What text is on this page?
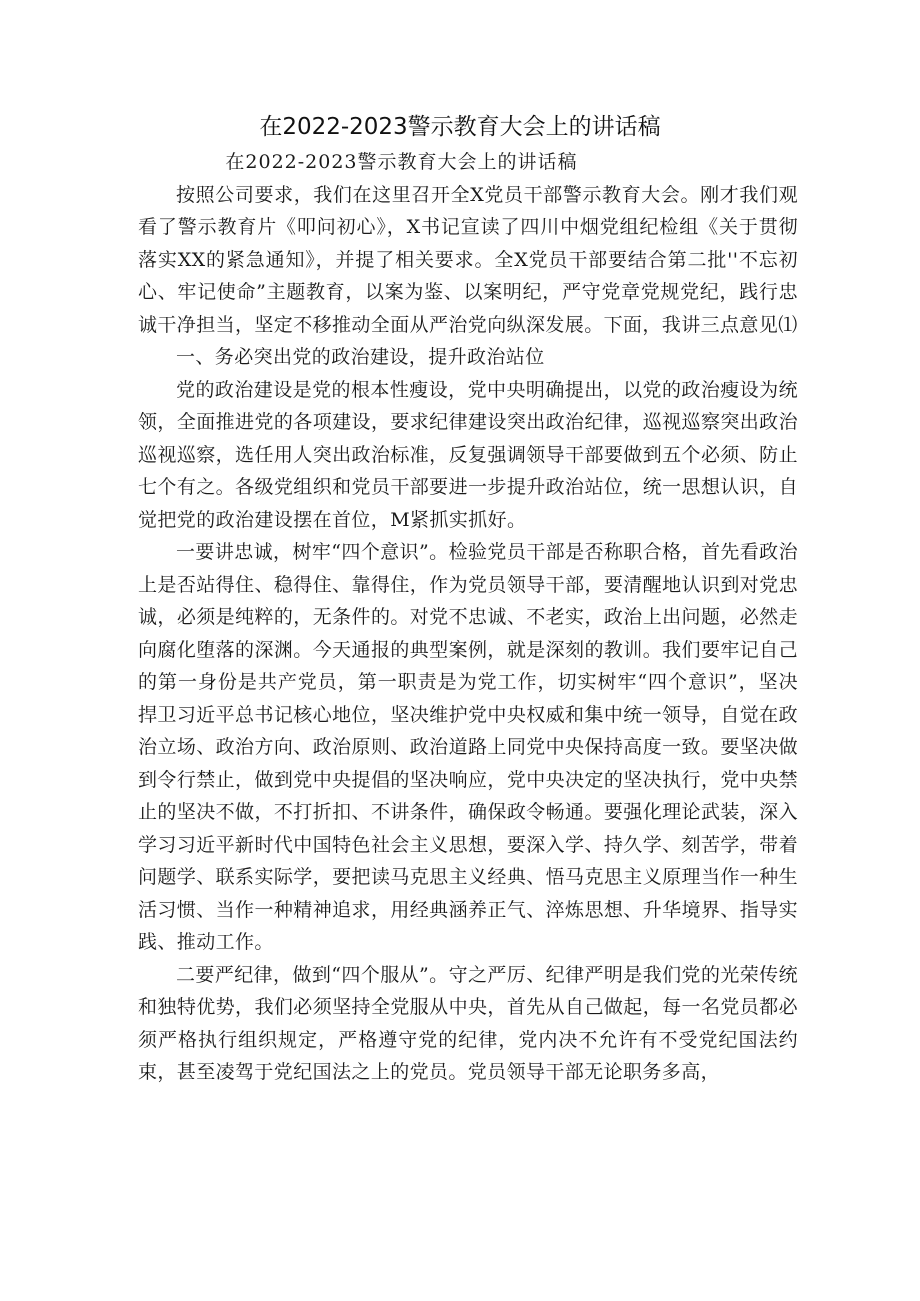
在2022-2023警示教育大会上的讲话稿

在2022-2023警示教育大会上的讲话稿

按照公司要求，我们在这里召开全X党员干部警示教育大会。刚才我们观看了警示教育片《叩问初心》，X书记宣读了四川中烟党组纪检组《关于贯彻落实XX的紧急通知》，并提了相关要求。全X党员干部要结合第二批''不忘初心、牢记使命”主题教育，以案为鉴、以案明纪，严守党章党规党纪，践行忠诚干净担当，坚定不移推动全面从严治党向纵深发展。下面，我讲三点意见⑴

一、务必突出党的政治建设，提升政治站位

党的政治建设是党的根本性瘦设，党中央明确提出，以党的政治瘦设为统领，全面推进党的各项建设，要求纪律建设突出政治纪律，巡视巡察突出政治巡视巡察，选任用人突出政治标准，反复强调领导干部要做到五个必须、防止七个有之。各级党组织和党员干部要进一步提升政治站位，统一思想认识，自觉把党的政治建设摆在首位，M紧抓实抓好。

一要讲忠诚，树牢“四个意识”。检验党员干部是否称职合格，首先看政治上是否站得住、稳得住、靠得住，作为党员领导干部，要清醒地认识到对党忠诚，必须是纯粹的，无条件的。对党不忠诚、不老实，政治上出问题，必然走向腐化堕落的深渊。今天通报的典型案例，就是深刻的教训。我们要牢记自己的第一身份是共产党员，第一职责是为党工作，切实树牢“四个意识”，坚决捍卫习近平总书记核心地位，坚决维护党中央权威和集中统一领导，自觉在政治立场、政治方向、政治原则、政治道路上同党中央保持高度一致。要坚决做到令行禁止，做到党中央提倡的坚决响应，党中央决定的坚决执行，党中央禁止的坚决不做，不打折扣、不讲条件，确保政令畅通。要强化理论武装，深入学习习近平新时代中国特色社会主义思想，要深入学、持久学、刻苦学，带着问题学、联系实际学，要把读马克思主义经典、悟马克思主义原理当作一种生活习惯、当作一种精神追求，用经典涵养正气、淬炼思想、升华境界、指导实践、推动工作。

二要严纪律，做到“四个服从”。守之严厉、纪律严明是我们党的光荣传统和独特优势，我们必须坚持全党服从中央，首先从自己做起，每一名党员都必须严格执行组织规定，严格遵守党的纪律，党内决不允许有不受党纪国法约束，甚至凌驾于党纪国法之上的党员。党员领导干部无论职务多高，
